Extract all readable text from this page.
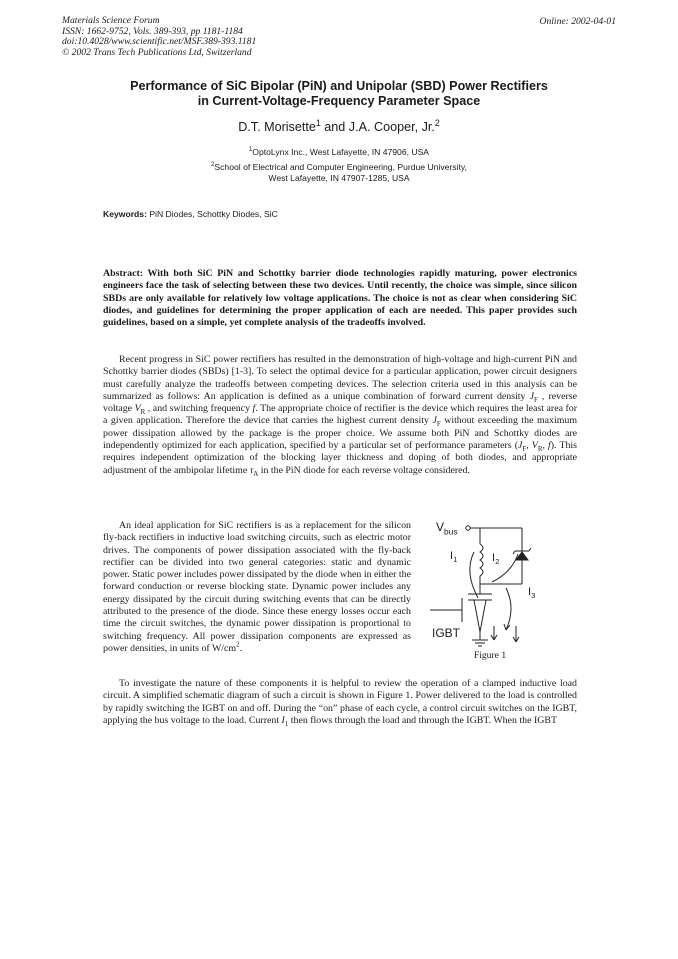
Materials Science Forum
ISSN: 1662-9752, Vols. 389-393, pp 1181-1184
doi:10.4028/www.scientific.net/MSF.389-393.1181
© 2002 Trans Tech Publications Ltd, Switzerland
Online: 2002-04-01
Performance of SiC Bipolar (PiN) and Unipolar (SBD) Power Rectifiers
in Current-Voltage-Frequency Parameter Space
D.T. Morisette$^1$ and J.A. Cooper, Jr.$^2$
$^1$OptoLynx Inc., West Lafayette, IN 47906, USA
$^2$School of Electrical and Computer Engineering, Purdue University,
West Lafayette, IN 47907-1285, USA
Keywords: PiN Diodes, Schottky Diodes, SiC
Abstract: With both SiC PiN and Schottky barrier diode technologies rapidly maturing, power electronics engineers face the task of selecting between these two devices. Until recently, the choice was simple, since silicon SBDs are only available for relatively low voltage applications. The choice is not as clear when considering SiC diodes, and guidelines for determining the proper application of each are needed. This paper provides such guidelines, based on a simple, yet complete analysis of the tradeoffs involved.
Recent progress in SiC power rectifiers has resulted in the demonstration of high-voltage and high-current PiN and Schottky barrier diodes (SBDs) [1-3]. To select the optimal device for a particular application, power circuit designers must carefully analyze the tradeoffs between competing devices. The selection criteria used in this analysis can be summarized as follows: An application is defined as a unique combination of forward current density $J_F$ , reverse voltage $V_R$ , and switching frequency f. The appropriate choice of rectifier is the device which requires the least area for a given application. Therefore the device that carries the highest current density $J_F$ without exceeding the maximum power dissipation allowed by the package is the proper choice. We assume both PiN and Schottky diodes are independently optimized for each application, specified by a particular set of performance parameters ($J_F$, $V_R$, f). This requires independent optimization of the blocking layer thickness and doping of both diodes, and appropriate adjustment of the ambipolar lifetime $\tau_A$ in the PiN diode for each reverse voltage considered.
An ideal application for SiC rectifiers is as a replacement for the silicon fly-back rectifiers in inductive load switching circuits, such as electric motor drives. The components of power dissipation associated with the fly-back rectifier can be divided into two general categories: static and dynamic power. Static power includes power dissipated by the diode when in either the forward conduction or reverse blocking state. Dynamic power includes any energy dissipated by the circuit during switching events that can be directly attributed to the presence of the diode. Since these energy losses occur each time the circuit switches, the dynamic power dissipation is proportional to switching frequency. All power dissipation components are expressed as power densities, in units of $W/cm^2$.
$V_{bus}$
$I_1$	$I_2$
$I_3$
IGBT
Figure 1
To investigate the nature of these components it is helpful to review the operation of a clamped inductive load circuit. A simplified schematic diagram of such a circuit is shown in Figure 1. Power delivered to the load is controlled by rapidly switching the IGBT on and off. During the “on” phase of each cycle, a control circuit switches on the IGBT, applying the bus voltage to the load. Current $I_1$ then flows through the load and through the IGBT. When the IGBT
